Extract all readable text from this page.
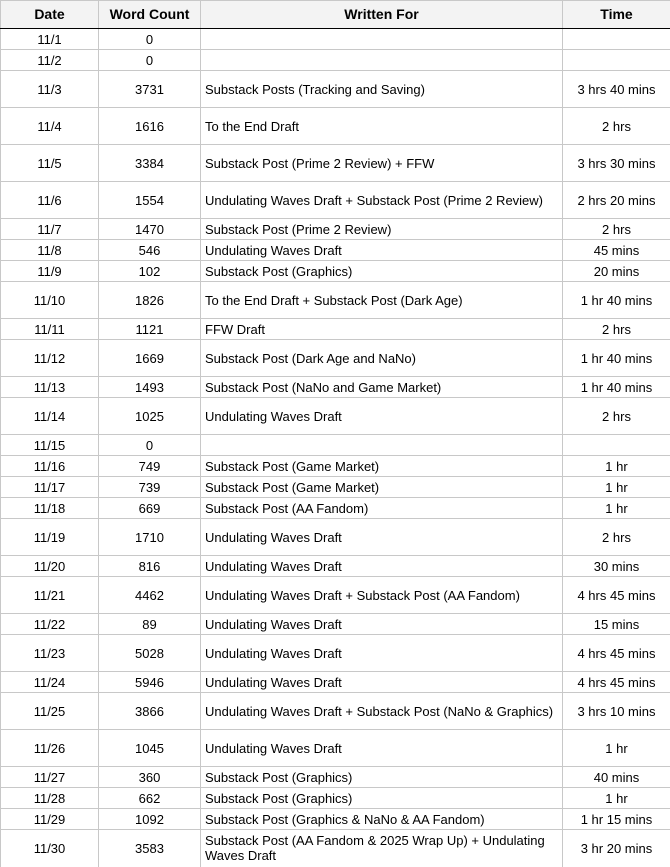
Date	Word Count	Written For	Time
11/1	0		
11/2	0		
11/3	3731	Substack Posts (Tracking and Saving)	3 hrs 40 mins
11/4	1616	To the End Draft	2 hrs
11/5	3384	Substack Post (Prime 2 Review) + FFW	3 hrs 30 mins
11/6	1554	Undulating Waves Draft + Substack Post (Prime 2 Review)	2 hrs 20 mins
11/7	1470	Substack Post (Prime 2 Review)	2 hrs
11/8	546	Undulating Waves Draft	45 mins
11/9	102	Substack Post (Graphics)	20 mins
11/10	1826	To the End Draft + Substack Post (Dark Age)	1 hr 40 mins
11/11	1121	FFW Draft	2 hrs
11/12	1669	Substack Post (Dark Age and NaNo)	1 hr 40 mins
11/13	1493	Substack Post (NaNo and Game Market)	1 hr 40 mins
11/14	1025	Undulating Waves Draft	2 hrs
11/15	0		
11/16	749	Substack Post (Game Market)	1 hr
11/17	739	Substack Post (Game Market)	1 hr
11/18	669	Substack Post (AA Fandom)	1 hr
11/19	1710	Undulating Waves Draft	2 hrs
11/20	816	Undulating Waves Draft	30 mins
11/21	4462	Undulating Waves Draft + Substack Post (AA Fandom)	4 hrs 45 mins
11/22	89	Undulating Waves Draft	15 mins
11/23	5028	Undulating Waves Draft	4 hrs 45 mins
11/24	5946	Undulating Waves Draft	4 hrs 45 mins
11/25	3866	Undulating Waves Draft + Substack Post (NaNo & Graphics)	3 hrs 10 mins
11/26	1045	Undulating Waves Draft	1 hr
11/27	360	Substack Post (Graphics)	40 mins
11/28	662	Substack Post (Graphics)	1 hr
11/29	1092	Substack Post (Graphics & NaNo & AA Fandom)	1 hr 15 mins
11/30	3583	Substack Post (AA Fandom & 2025 Wrap Up) + Undulating Waves Draft	3 hr 20 mins
